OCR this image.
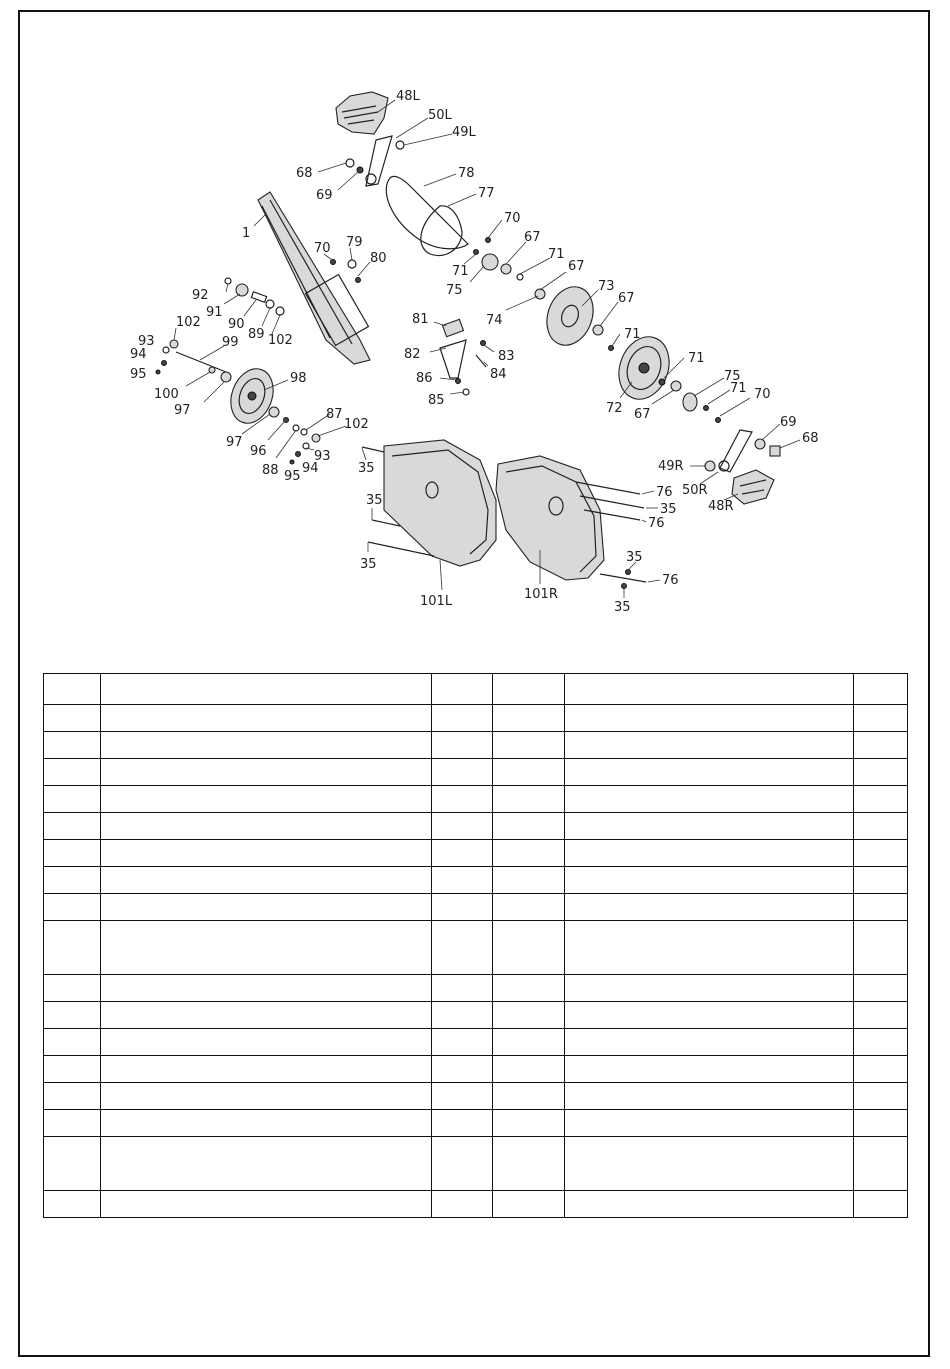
48L
50L
49L
68
69
78
77
70
1
70 79
80
67
71
71
75
67
74
73
67
92
91
90
89 102
102
93
94
99
95
100
98
97
97
81
82	83
84
86
85
71
71
72 67
75
71 70
69
68
87
102
96
88
93
94
95
35
35
35
101L
49R
50R
48R
76
35
76
35
76
35
101R
